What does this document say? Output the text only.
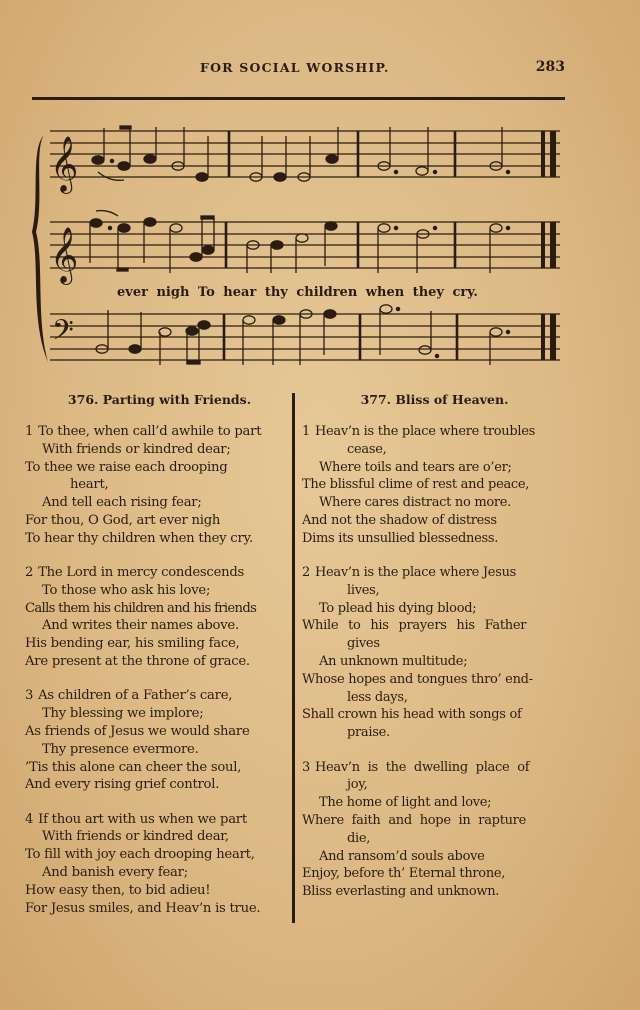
FOR SOCIAL WORSHIP.	283
𝄞
𝄞
𝄢
ever nigh To hear thy children when they cry.
376. Parting with Friends.
1 To thee, when call’d awhile to part
With friends or kindred dear;
To thee we raise each drooping
heart,
And tell each rising fear;
For thou, O God, art ever nigh
To hear thy children when they cry.
2 The Lord in mercy condescends
To those who ask his love;
Calls them his children and his friends
And writes their names above.
His bending ear, his smiling face,
Are present at the throne of grace.
3 As children of a Father’s care,
Thy blessing we implore;
As friends of Jesus we would share
Thy presence evermore.
’Tis this alone can cheer the soul,
And every rising grief control.
4 If thou art with us when we part
With friends or kindred dear,
To fill with joy each drooping heart,
And banish every fear;
How easy then, to bid adieu!
For Jesus smiles, and Heav’n is true.
377. Bliss of Heaven.
1 Heav’n is the place where troubles
cease,
Where toils and tears are o’er;
The blissful clime of rest and peace,
Where cares distract no more.
And not the shadow of distress
Dims its unsullied blessedness.
2 Heav’n is the place where Jesus
lives,
To plead his dying blood;
While to his prayers his Father
gives
An unknown multitude;
Whose hopes and tongues thro’ end-
less days,
Shall crown his head with songs of
praise.
3 Heav’n is the dwelling place of
joy,
The home of light and love;
Where faith and hope in rapture
die,
And ransom’d souls above
Enjoy, before th’ Eternal throne,
Bliss everlasting and unknown.
